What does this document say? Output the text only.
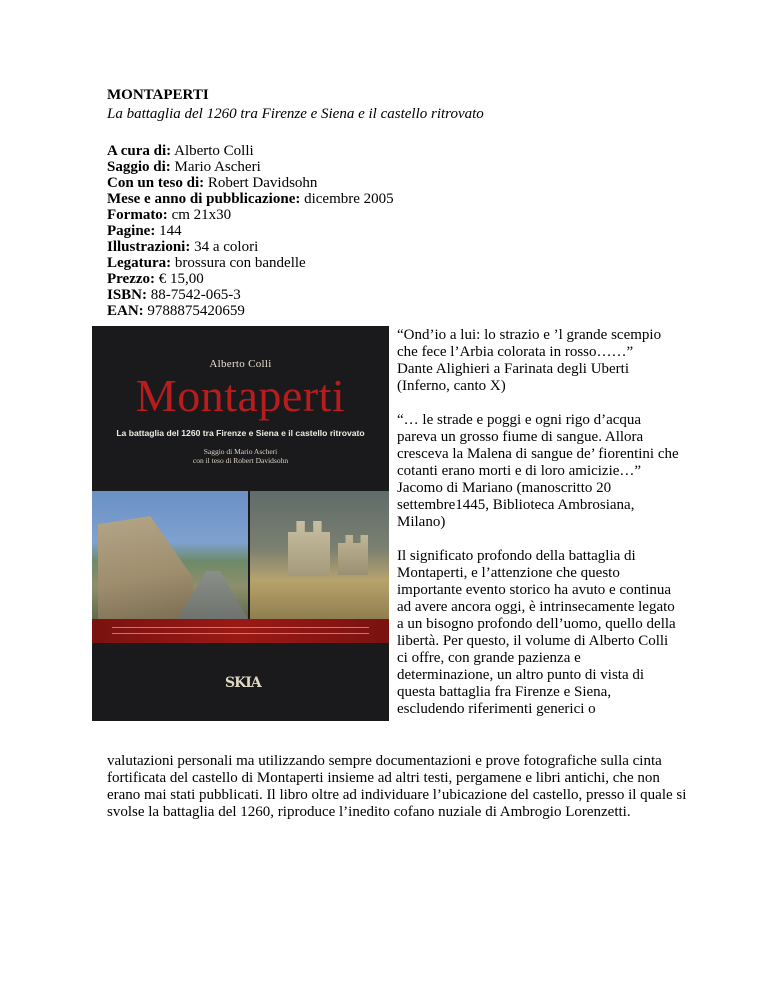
MONTAPERTI
La battaglia del 1260 tra Firenze e Siena e il castello ritrovato
A cura di: Alberto Colli
Saggio di: Mario Ascheri
Con un teso di: Robert Davidsohn
Mese e anno di pubblicazione: dicembre 2005
Formato: cm 21x30
Pagine: 144
Illustrazioni: 34 a colori
Legatura: brossura con bandelle
Prezzo: € 15,00
ISBN: 88-7542-065-3
EAN: 9788875420659
Alberto Colli
Montaperti
La battaglia del 1260 tra Firenze e Siena e il castello ritrovato
Saggio di Mario Ascheri
con il teso di Robert Davidsohn
SKIA

“Ond’io a lui: lo strazio e ’l grande scempio che fece l’Arbia colorata in rosso……”
Dante Alighieri a Farinata degli Uberti (Inferno, canto X)

“… le strade e poggi e ogni rigo d’acqua pareva un grosso fiume di sangue. Allora cresceva la Malena di sangue de’ fiorentini che cotanti erano morti e di loro amicizie…”
Jacomo di Mariano (manoscritto 20 settembre1445, Biblioteca Ambrosiana, Milano)

Il significato profondo della battaglia di Montaperti, e l’attenzione che questo importante evento storico ha avuto e continua ad avere ancora oggi, è intrinsecamente legato a un bisogno profondo dell’uomo, quello della libertà. Per questo, il volume di Alberto Colli ci offre, con grande pazienza e determinazione, un altro punto di vista di questa battaglia fra Firenze e Siena, escludendo riferimenti generici o

valutazioni personali ma utilizzando sempre documentazioni e prove fotografiche sulla cinta fortificata del castello di Montaperti insieme ad altri testi, pergamene e libri antichi, che non erano mai stati pubblicati. Il libro oltre ad individuare l’ubicazione del castello, presso il quale si svolse la battaglia del 1260, riproduce l’inedito cofano nuziale di Ambrogio Lorenzetti.
